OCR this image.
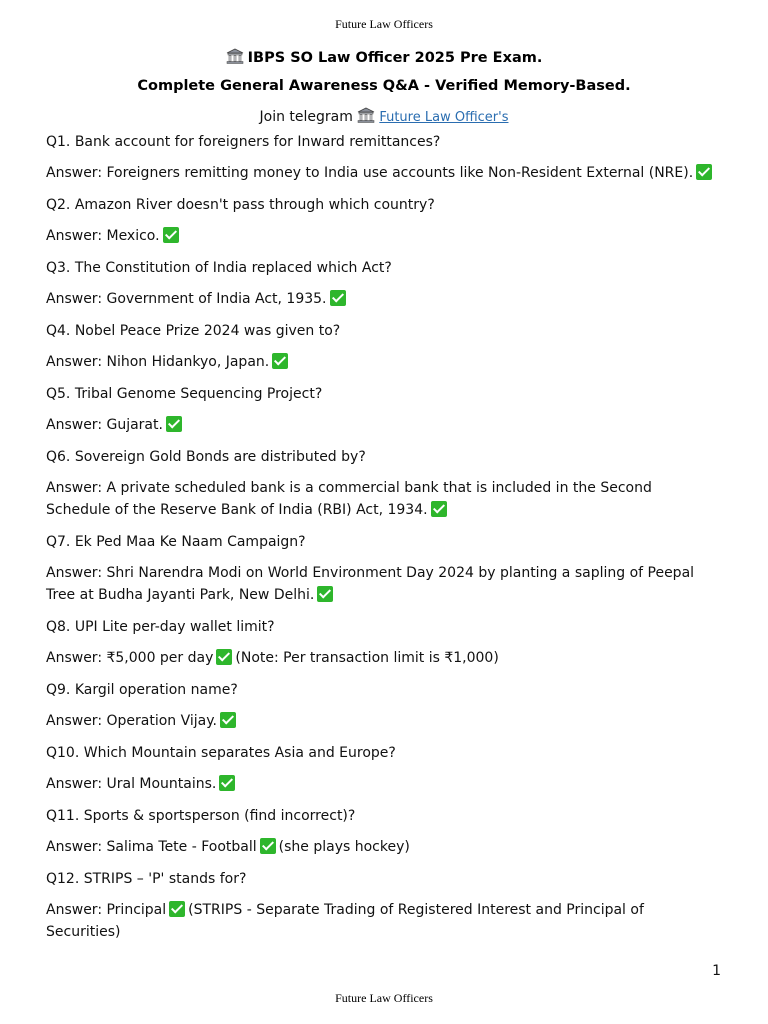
Future Law Officers
IBPS SO Law Officer 2025 Pre Exam.
Complete General Awareness Q&A - Verified Memory-Based.
Join telegram Future Law Officer's
Q1. Bank account for foreigners for Inward remittances?
Answer: Foreigners remitting money to India use accounts like Non-Resident External (NRE).
Q2. Amazon River doesn't pass through which country?
Answer: Mexico.
Q3. The Constitution of India replaced which Act?
Answer: Government of India Act, 1935.
Q4. Nobel Peace Prize 2024 was given to?
Answer: Nihon Hidankyo, Japan.
Q5. Tribal Genome Sequencing Project?
Answer: Gujarat.
Q6. Sovereign Gold Bonds are distributed by?
Answer: A private scheduled bank is a commercial bank that is included in the Second Schedule of the Reserve Bank of India (RBI) Act, 1934.
Q7. Ek Ped Maa Ke Naam Campaign?
Answer: Shri Narendra Modi on World Environment Day 2024 by planting a sapling of Peepal Tree at Budha Jayanti Park, New Delhi.
Q8. UPI Lite per-day wallet limit?
Answer: ₹5,000 per day (Note: Per transaction limit is ₹1,000)
Q9. Kargil operation name?
Answer: Operation Vijay.
Q10. Which Mountain separates Asia and Europe?
Answer: Ural Mountains.
Q11. Sports & sportsperson (find incorrect)?
Answer: Salima Tete - Football (she plays hockey)
Q12. STRIPS – 'P' stands for?
Answer: Principal (STRIPS - Separate Trading of Registered Interest and Principal of Securities)
1
Future Law Officers
